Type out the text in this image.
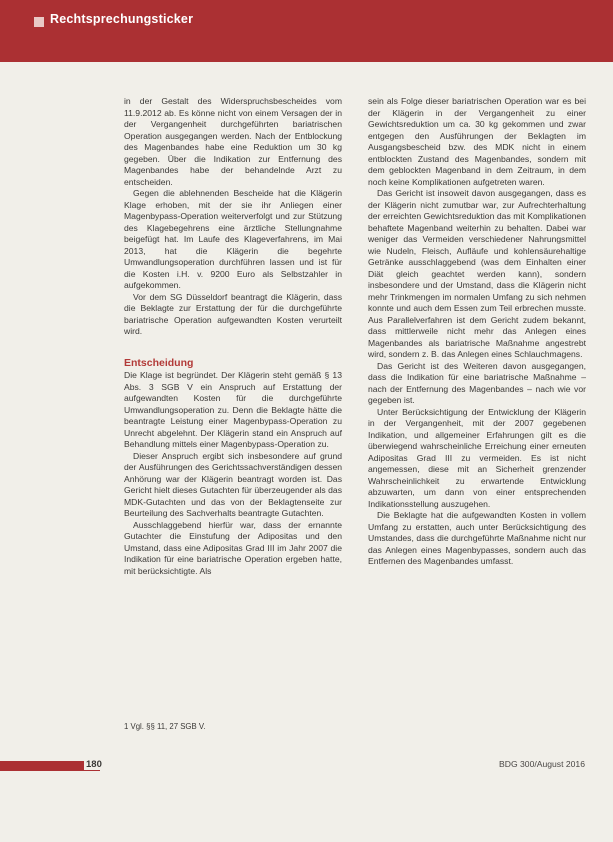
Rechtsprechungsticker

in der Gestalt des Widerspruchsbescheides vom 11.9.2012 ab. Es könne nicht von einem Versagen der in der Vergangenheit durchgeführten bariatrischen Operation ausgegangen werden. Nach der Entblockung des Magenbandes habe eine Reduktion um 30 kg gegeben. Über die Indikation zur Entfernung des Magenbandes habe der behandelnde Arzt zu entscheiden.

Gegen die ablehnenden Bescheide hat die Klägerin Klage erhoben, mit der sie ihr Anliegen einer Magenbypass-Operation weiterverfolgt und zur Stützung des Klagebegehrens eine ärztliche Stellungnahme beigefügt hat. Im Laufe des Klageverfahrens, im Mai 2013, hat die Klägerin die begehrte Umwandlungsoperation durchführen lassen und ist für die Kosten i.H. v. 9200 Euro als Selbstzahler in aufgekommen.

Vor dem SG Düsseldorf beantragt die Klägerin, dass die Beklagte zur Erstattung der für die durchgeführte bariatrische Operation aufgewandten Kosten verurteilt wird.

Entscheidung

Die Klage ist begründet. Der Klägerin steht gemäß § 13 Abs. 3 SGB V ein Anspruch auf Erstattung der aufgewandten Kosten für die durchgeführte Umwandlungsoperation zu. Denn die Beklagte hätte die beantragte Leistung einer Magenbypass-Operation zu Unrecht abgelehnt. Der Klägerin stand ein Anspruch auf Behandlung mittels einer Magenbypass-Operation zu.

Dieser Anspruch ergibt sich insbesondere auf grund der Ausführungen des Gerichtssachverständigen dessen Anhörung war der Klägerin beantragt worden ist. Das Gericht hielt dieses Gutachten für überzeugender als das MDK-Gutachten und das von der Beklagtenseite zur Beurteilung des Sachverhalts beantragte Gutachten.

Ausschlaggebend hierfür war, dass der ernannte Gutachter die Einstufung der Adipositas und den Umstand, dass eine Adipositas Grad III im Jahr 2007 die Indikation für eine bariatrische Operation ergeben hatte, mit berücksichtigte. Als

1 Vgl. §§ 11, 27 SGB V.

sein als Folge dieser bariatrischen Operation war es bei der Klägerin in der Vergangenheit zu einer Gewichtsreduktion um ca. 30 kg gekommen und zwar entgegen den Ausführungen der Beklagten im Ausgangsbescheid bzw. des MDK nicht in einem entblockten Zustand des Magenbandes, sondern mit dem geblockten Magenband in dem Zeitraum, in dem noch keine Komplikationen aufgetreten waren.

Das Gericht ist insoweit davon ausgegangen, dass es der Klägerin nicht zumutbar war, zur Aufrechterhaltung der erreichten Gewichtsreduktion das mit Komplikationen behaftete Magenband weiterhin zu behalten. Dabei war weniger das Vermeiden verschiedener Nahrungsmittel wie Nudeln, Fleisch, Aufläufe und kohlensäurehaltige Getränke ausschlaggebend (was dem Einhalten einer Diät gleich geachtet werden kann), sondern insbesondere und der Umstand, dass die Klägerin nicht mehr Trinkmengen im normalen Umfang zu sich nehmen konnte und auch dem Essen zum Teil erbrechen musste. Aus Parallelverfahren ist dem Gericht zudem bekannt, dass mittlerweile nicht mehr das Anlegen eines Magenbandes als bariatrische Maßnahme angestrebt wird, sondern z. B. das Anlegen eines Schlauchmagens.

Das Gericht ist des Weiteren davon ausgegangen, dass die Indikation für eine bariatrische Maßnahme – nach der Entfernung des Magenbandes – nach wie vor gegeben ist.

Unter Berücksichtigung der Entwicklung der Klägerin in der Vergangenheit, mit der 2007 gegebenen Indikation, und allgemeiner Erfahrungen gilt es die überwiegend wahrscheinliche Erreichung einer erneuten Adipositas Grad III zu vermeiden. Es ist nicht angemessen, diese mit an Sicherheit grenzender Wahrscheinlichkeit zu erwartende Entwicklung abzuwarten, um dann von einer entsprechenden Indikationsstellung auszugehen.

Die Beklagte hat die aufgewandten Kosten in vollem Umfang zu erstatten, auch unter Berücksichtigung des Umstandes, dass die durchgeführte Maßnahme nicht nur das Anlegen eines Magenbypasses, sondern auch das Entfernen des Magenbandes umfasst.

180	BDG 300/August 2016
